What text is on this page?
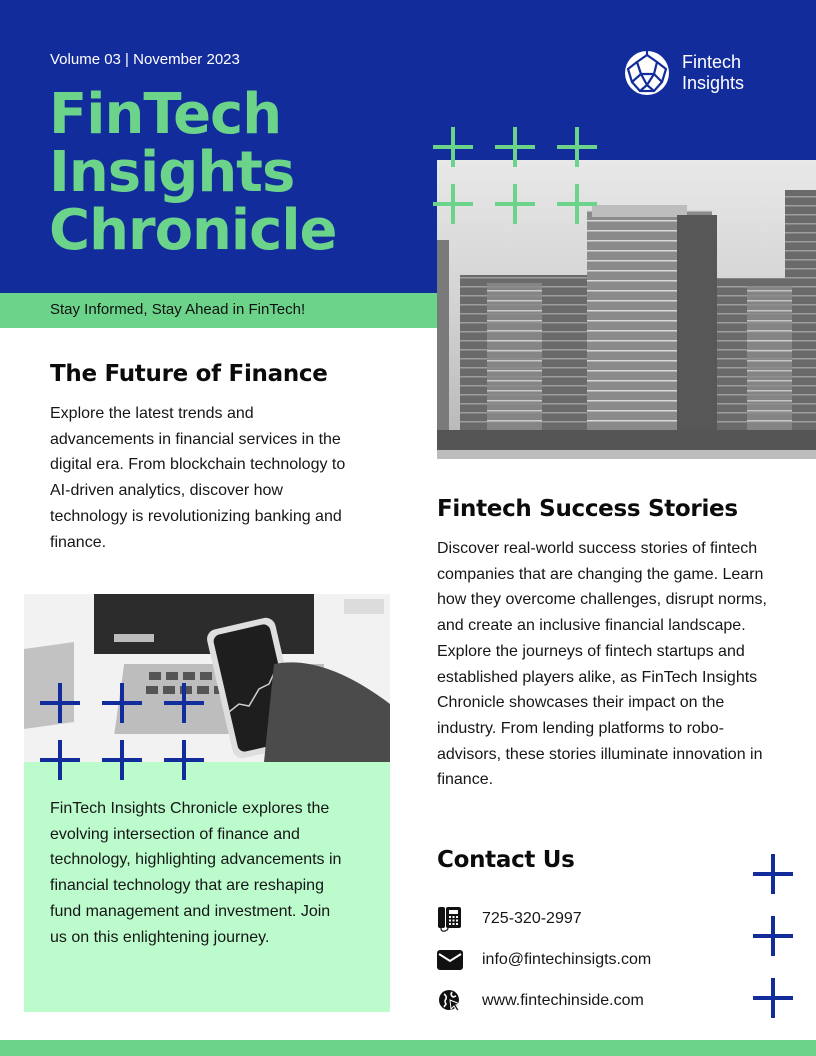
Volume 03 | November 2023
FinTech
Insights
Chronicle
Fintech
Insights
Stay Informed, Stay Ahead in FinTech!
The Future of Finance

Explore the latest trends and advancements in financial services in the digital era. From blockchain technology to AI-driven analytics, discover how technology is revolutionizing banking and finance.

FinTech Insights Chronicle explores the evolving intersection of finance and technology, highlighting advancements in financial technology that are reshaping fund management and investment. Join us on this enlightening journey.

Fintech Success Stories

Discover real-world success stories of fintech companies that are changing the game. Learn how they overcome challenges, disrupt norms, and create an inclusive financial landscape. Explore the journeys of fintech startups and established players alike, as FinTech Insights Chronicle showcases their impact on the industry. From lending platforms to robo-advisors, these stories illuminate innovation in finance.

Contact Us
725-320-2997
info@fintechinsigts.com
www.fintechinside.com
